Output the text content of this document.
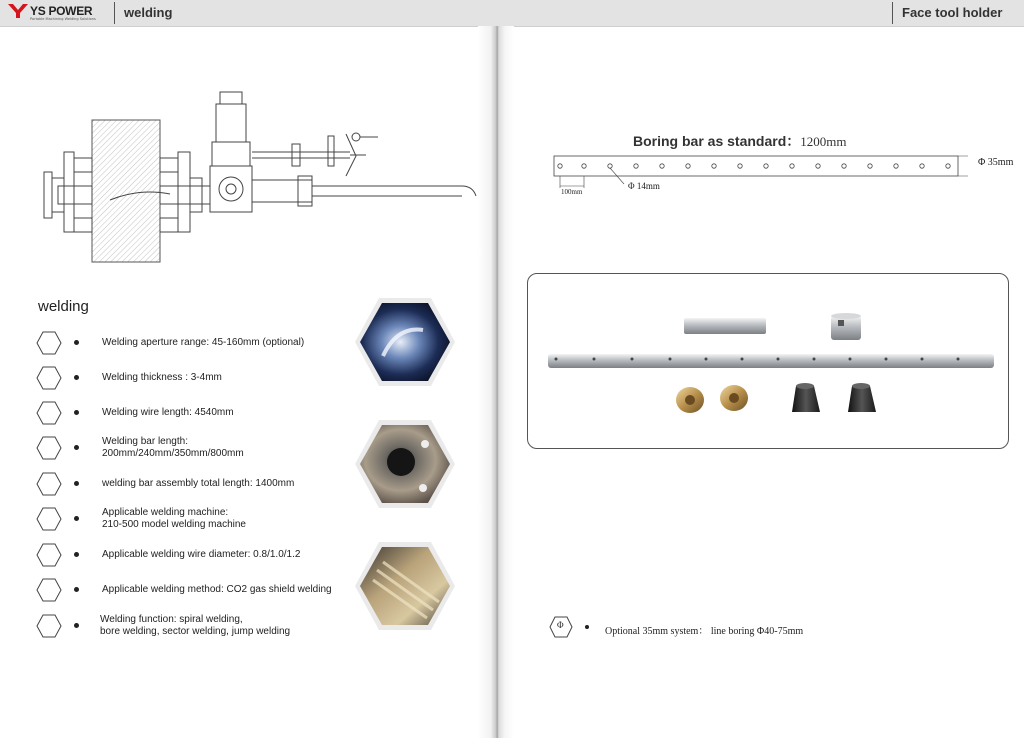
YS POWER
Portable Machining Welding Solutions welding	Face tool holder
welding
Welding aperture range: 45-160mm (optional)
Welding thickness : 3-4mm
Welding wire length: 4540mm
Welding bar length:
200mm/240mm/350mm/800mm
welding bar assembly total length: 1400mm
Applicable welding machine:
210-500 model welding machine
Applicable welding wire diameter: 0.8/1.0/1.2
Applicable welding method: CO2 gas shield welding
Welding function: spiral welding,
bore welding, sector welding, jump welding
Boring bar as standard：1200mm
Φ 35mm
Φ 14mm
100mm
Φ
Optional 35mm system： line boring Φ40-75mm
